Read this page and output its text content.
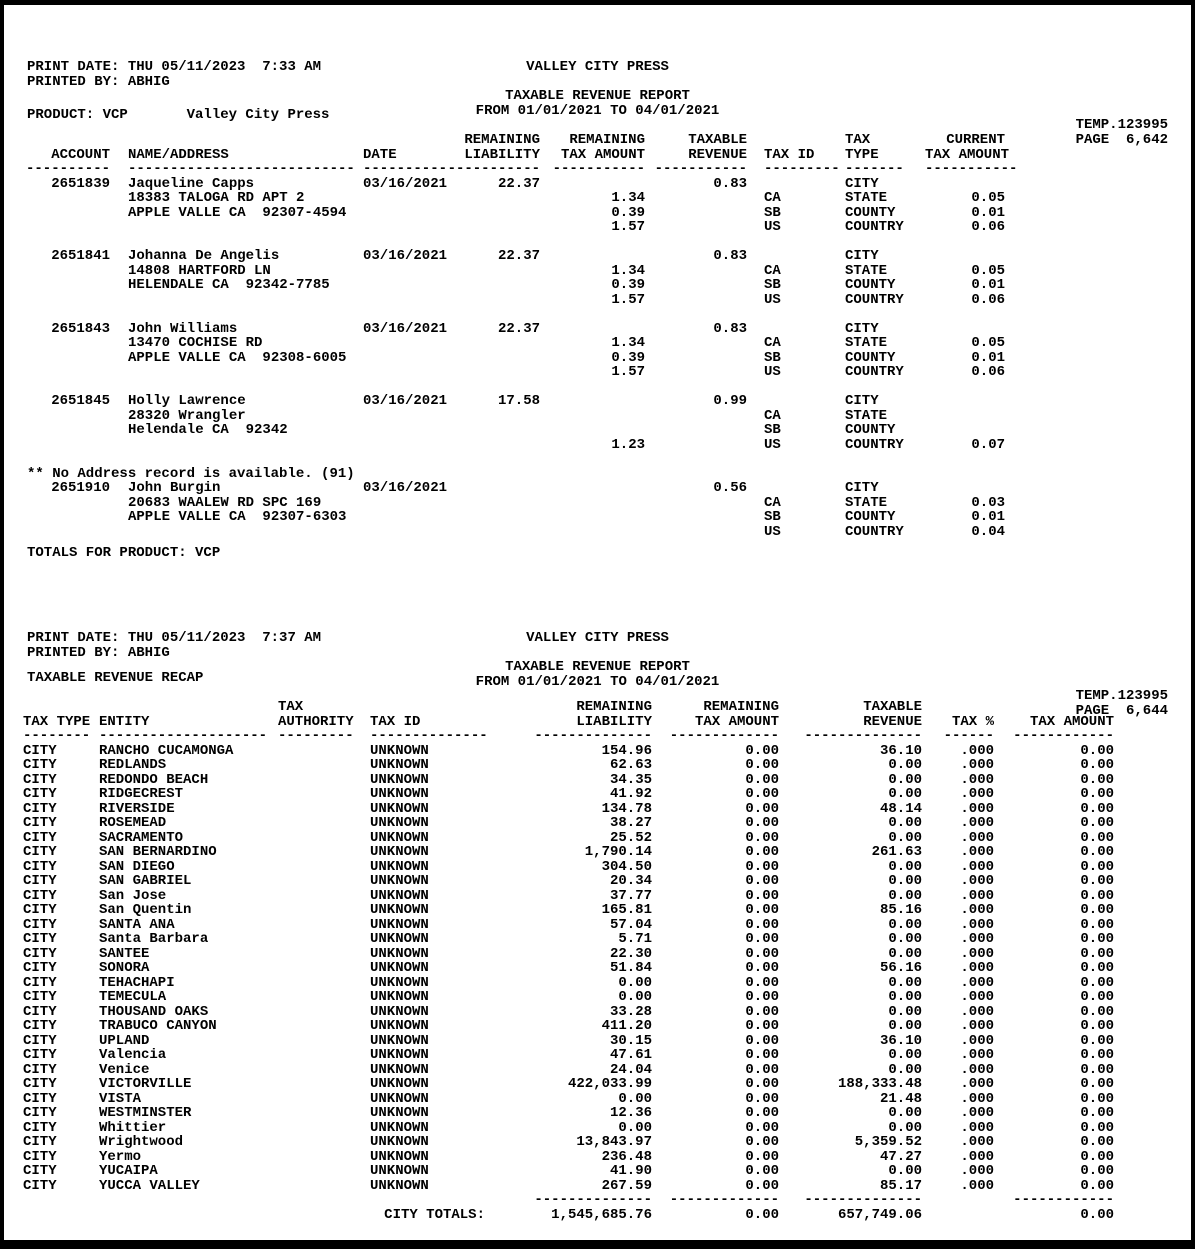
VALLEY CITY PRESS

PRINT DATE: THU 05/11/2023  7:33 AM

TAXABLE REVENUE REPORT

TEMP.123995

PRINTED BY: ABHIG

FROM 01/01/2021 TO 04/01/2021

PAGE  6,642

PRODUCT: VCP       Valley City Press
			REMAINING	REMAINING	TAXABLE		TAX	CURRENT
ACCOUNT	NAME/ADDRESS	DATE	LIABILITY	TAX AMOUNT	REVENUE	TAX ID	TYPE	TAX AMOUNT
----------	---------------------------	----------	-----------	-----------	-----------	---------	-------	-----------
2651839	Jaqueline Capps	03/16/2021	22.37		0.83		CITY	
	18383 TALOGA RD APT 2			1.34		CA	STATE	0.05
	APPLE VALLE CA  92307-4594			0.39		SB	COUNTY	0.01
				1.57		US	COUNTRY	0.06

2651841	Johanna De Angelis	03/16/2021	22.37		0.83		CITY	
	14808 HARTFORD LN			1.34		CA	STATE	0.05
	HELENDALE CA  92342-7785			0.39		SB	COUNTY	0.01
				1.57		US	COUNTRY	0.06

2651843	John Williams	03/16/2021	22.37		0.83		CITY	
	13470 COCHISE RD			1.34		CA	STATE	0.05
	APPLE VALLE CA  92308-6005			0.39		SB	COUNTY	0.01
				1.57		US	COUNTRY	0.06

2651845	Holly Lawrence	03/16/2021	17.58		0.99		CITY	
	28320 Wrangler					CA	STATE	
	Helendale CA  92342					SB	COUNTY	
				1.23		US	COUNTRY	0.07

** No Address record is available. (91)								
2651910	John Burgin	03/16/2021			0.56		CITY	
	20683 WAALEW RD SPC 169					CA	STATE	0.03
	APPLE VALLE CA  92307-6303					SB	COUNTY	0.01
						US	COUNTRY	0.04
TOTALS FOR PRODUCT: VCP

VALLEY CITY PRESS

PRINT DATE: THU 05/11/2023  7:37 AM

TAXABLE REVENUE REPORT

TEMP.123995

PRINTED BY: ABHIG

FROM 01/01/2021 TO 04/01/2021

PAGE  6,644

TAXABLE REVENUE RECAP
		TAX		REMAINING	REMAINING	TAXABLE		
TAX TYPE	ENTITY	AUTHORITY	TAX ID	LIABILITY	TAX AMOUNT	REVENUE	TAX %	TAX AMOUNT
--------	--------------------	---------	--------------	--------------	-------------	--------------	------	------------
CITY	RANCHO CUCAMONGA		UNKNOWN	154.96	0.00	36.10	.000	0.00
CITY	REDLANDS		UNKNOWN	62.63	0.00	0.00	.000	0.00
CITY	REDONDO BEACH		UNKNOWN	34.35	0.00	0.00	.000	0.00
CITY	RIDGECREST		UNKNOWN	41.92	0.00	0.00	.000	0.00
CITY	RIVERSIDE		UNKNOWN	134.78	0.00	48.14	.000	0.00
CITY	ROSEMEAD		UNKNOWN	38.27	0.00	0.00	.000	0.00
CITY	SACRAMENTO		UNKNOWN	25.52	0.00	0.00	.000	0.00
CITY	SAN BERNARDINO		UNKNOWN	1,790.14	0.00	261.63	.000	0.00
CITY	SAN DIEGO		UNKNOWN	304.50	0.00	0.00	.000	0.00
CITY	SAN GABRIEL		UNKNOWN	20.34	0.00	0.00	.000	0.00
CITY	San Jose		UNKNOWN	37.77	0.00	0.00	.000	0.00
CITY	San Quentin		UNKNOWN	165.81	0.00	85.16	.000	0.00
CITY	SANTA ANA		UNKNOWN	57.04	0.00	0.00	.000	0.00
CITY	Santa Barbara		UNKNOWN	5.71	0.00	0.00	.000	0.00
CITY	SANTEE		UNKNOWN	22.30	0.00	0.00	.000	0.00
CITY	SONORA		UNKNOWN	51.84	0.00	56.16	.000	0.00
CITY	TEHACHAPI		UNKNOWN	0.00	0.00	0.00	.000	0.00
CITY	TEMECULA		UNKNOWN	0.00	0.00	0.00	.000	0.00
CITY	THOUSAND OAKS		UNKNOWN	33.28	0.00	0.00	.000	0.00
CITY	TRABUCO CANYON		UNKNOWN	411.20	0.00	0.00	.000	0.00
CITY	UPLAND		UNKNOWN	30.15	0.00	36.10	.000	0.00
CITY	Valencia		UNKNOWN	47.61	0.00	0.00	.000	0.00
CITY	Venice		UNKNOWN	24.04	0.00	0.00	.000	0.00
CITY	VICTORVILLE		UNKNOWN	422,033.99	0.00	188,333.48	.000	0.00
CITY	VISTA		UNKNOWN	0.00	0.00	21.48	.000	0.00
CITY	WESTMINSTER		UNKNOWN	12.36	0.00	0.00	.000	0.00
CITY	Whittier		UNKNOWN	0.00	0.00	0.00	.000	0.00
CITY	Wrightwood		UNKNOWN	13,843.97	0.00	5,359.52	.000	0.00
CITY	Yermo		UNKNOWN	236.48	0.00	47.27	.000	0.00
CITY	YUCAIPA		UNKNOWN	41.90	0.00	0.00	.000	0.00
CITY	YUCCA VALLEY		UNKNOWN	267.59	0.00	85.17	.000	0.00
				--------------	-------------	--------------		------------
			CITY TOTALS:	1,545,685.76	0.00	657,749.06		0.00
